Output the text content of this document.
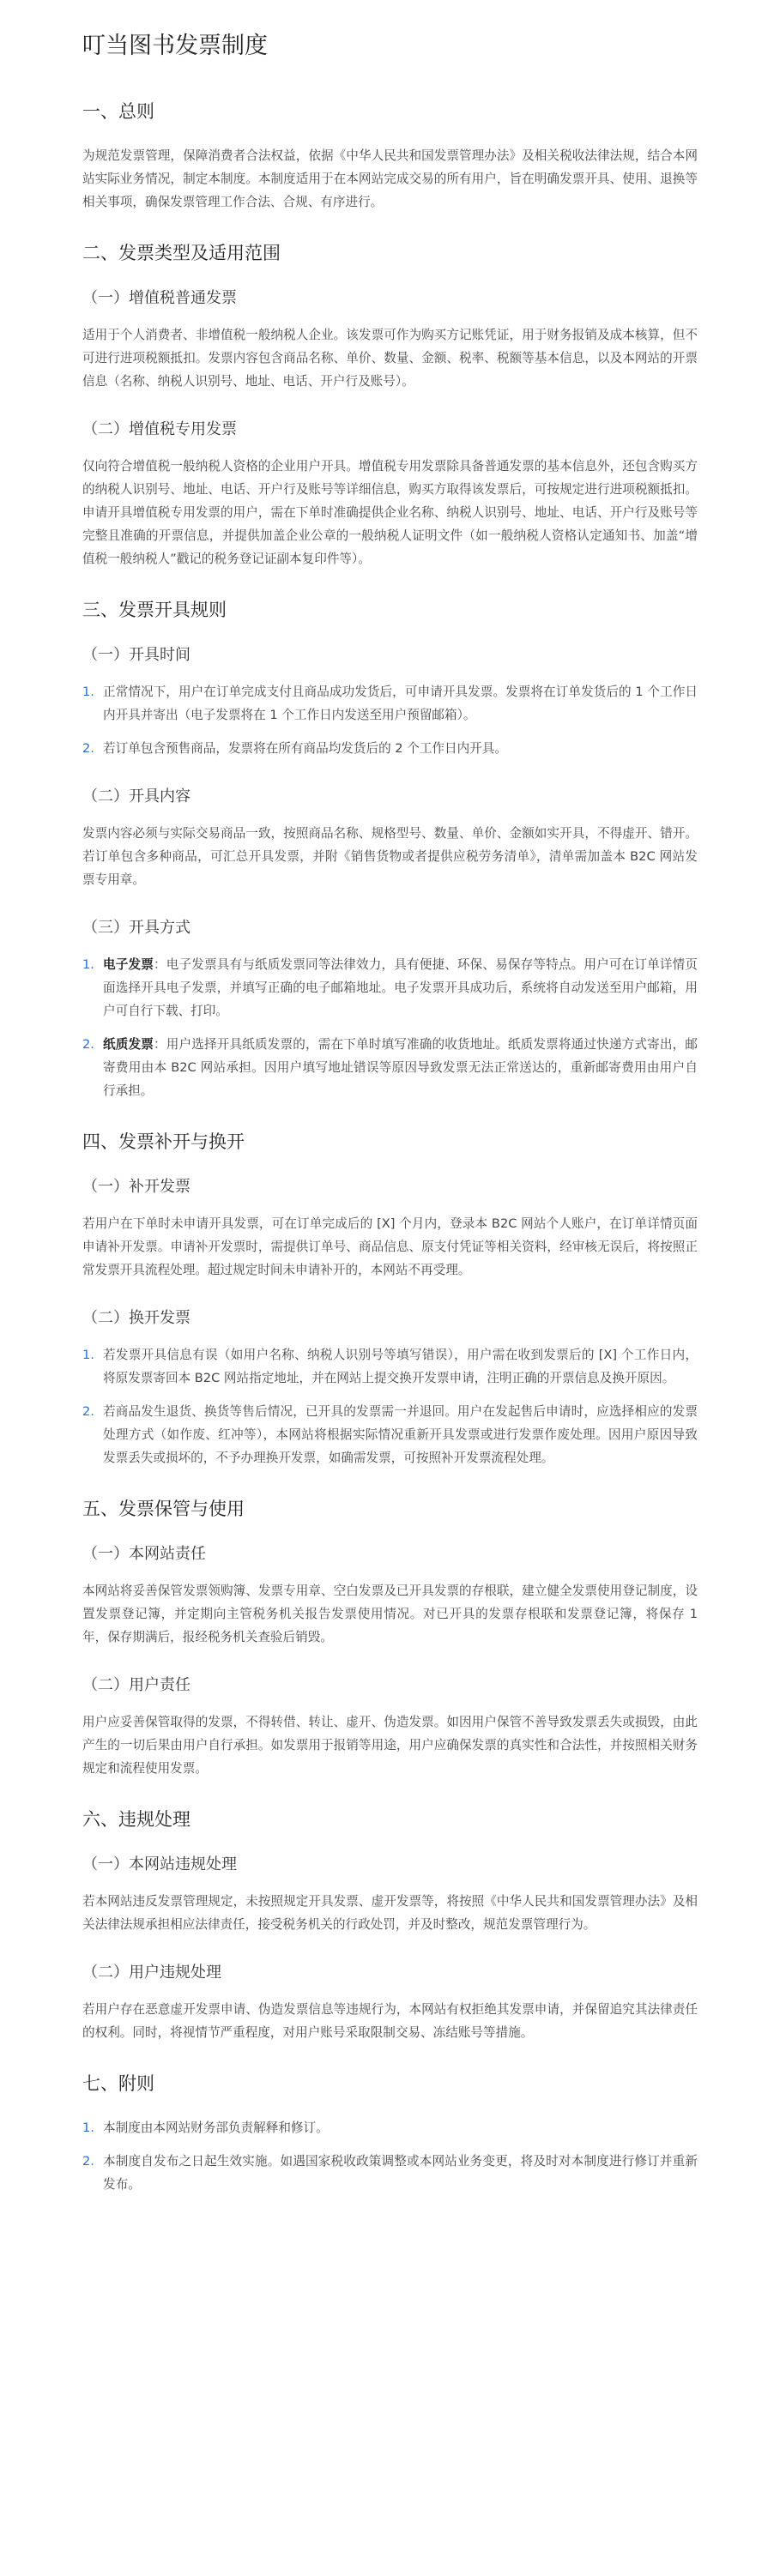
叮当图书发票制度
一、总则

为规范发票管理，保障消费者合法权益，依据《中华人民共和国发票管理办法》及相关税收法律法规，结合本网站实际业务情况，制定本制度。本制度适用于在本网站完成交易的所有用户，旨在明确发票开具、使用、退换等相关事项，确保发票管理工作合法、合规、有序进行。

二、发票类型及适用范围
（一）增值税普通发票

适用于个人消费者、非增值税一般纳税人企业。该发票可作为购买方记账凭证，用于财务报销及成本核算，但不可进行进项税额抵扣。发票内容包含商品名称、单价、数量、金额、税率、税额等基本信息，以及本网站的开票信息（名称、纳税人识别号、地址、电话、开户行及账号）。

（二）增值税专用发票

仅向符合增值税一般纳税人资格的企业用户开具。增值税专用发票除具备普通发票的基本信息外，还包含购买方的纳税人识别号、地址、电话、开户行及账号等详细信息，购买方取得该发票后，可按规定进行进项税额抵扣。申请开具增值税专用发票的用户，需在下单时准确提供企业名称、纳税人识别号、地址、电话、开户行及账号等完整且准确的开票信息，并提供加盖企业公章的一般纳税人证明文件（如一般纳税人资格认定通知书、加盖“增值税一般纳税人”戳记的税务登记证副本复印件等）。

三、发票开具规则
（一）开具时间
1. 正常情况下，用户在订单完成支付且商品成功发货后，可申请开具发票。发票将在订单发货后的 1 个工作日内开具并寄出（电子发票将在 1 个工作日内发送至用户预留邮箱）。
2. 若订单包含预售商品，发票将在所有商品均发货后的 2 个工作日内开具。
（二）开具内容

发票内容必须与实际交易商品一致，按照商品名称、规格型号、数量、单价、金额如实开具，不得虚开、错开。若订单包含多种商品，可汇总开具发票，并附《销售货物或者提供应税劳务清单》，清单需加盖本 B2C 网站发票专用章。

（三）开具方式
1. 电子发票：电子发票具有与纸质发票同等法律效力，具有便捷、环保、易保存等特点。用户可在订单详情页面选择开具电子发票，并填写正确的电子邮箱地址。电子发票开具成功后，系统将自动发送至用户邮箱，用户可自行下载、打印。
2. 纸质发票：用户选择开具纸质发票的，需在下单时填写准确的收货地址。纸质发票将通过快递方式寄出，邮寄费用由本 B2C 网站承担。因用户填写地址错误等原因导致发票无法正常送达的，重新邮寄费用由用户自行承担。
四、发票补开与换开
（一）补开发票

若用户在下单时未申请开具发票，可在订单完成后的 [X] 个月内，登录本 B2C 网站个人账户，在订单详情页面申请补开发票。申请补开发票时，需提供订单号、商品信息、原支付凭证等相关资料，经审核无误后，将按照正常发票开具流程处理。超过规定时间未申请补开的，本网站不再受理。

（二）换开发票
1. 若发票开具信息有误（如用户名称、纳税人识别号等填写错误），用户需在收到发票后的 [X] 个工作日内，将原发票寄回本 B2C 网站指定地址，并在网站上提交换开发票申请，注明正确的开票信息及换开原因。
2. 若商品发生退货、换货等售后情况，已开具的发票需一并退回。用户在发起售后申请时，应选择相应的发票处理方式（如作废、红冲等），本网站将根据实际情况重新开具发票或进行发票作废处理。因用户原因导致发票丢失或损坏的，不予办理换开发票，如确需发票，可按照补开发票流程处理。
五、发票保管与使用
（一）本网站责任

本网站将妥善保管发票领购簿、发票专用章、空白发票及已开具发票的存根联，建立健全发票使用登记制度，设置发票登记簿，并定期向主管税务机关报告发票使用情况。对已开具的发票存根联和发票登记簿，将保存 1 年，保存期满后，报经税务机关查验后销毁。

（二）用户责任

用户应妥善保管取得的发票，不得转借、转让、虚开、伪造发票。如因用户保管不善导致发票丢失或损毁，由此产生的一切后果由用户自行承担。如发票用于报销等用途，用户应确保发票的真实性和合法性，并按照相关财务规定和流程使用发票。

六、违规处理
（一）本网站违规处理

若本网站违反发票管理规定，未按照规定开具发票、虚开发票等，将按照《中华人民共和国发票管理办法》及相关法律法规承担相应法律责任，接受税务机关的行政处罚，并及时整改，规范发票管理行为。

（二）用户违规处理

若用户存在恶意虚开发票申请、伪造发票信息等违规行为，本网站有权拒绝其发票申请，并保留追究其法律责任的权利。同时，将视情节严重程度，对用户账号采取限制交易、冻结账号等措施。

七、附则
1. 本制度由本网站财务部负责解释和修订。
2. 本制度自发布之日起生效实施。如遇国家税收政策调整或本网站业务变更，将及时对本制度进行修订并重新发布。
